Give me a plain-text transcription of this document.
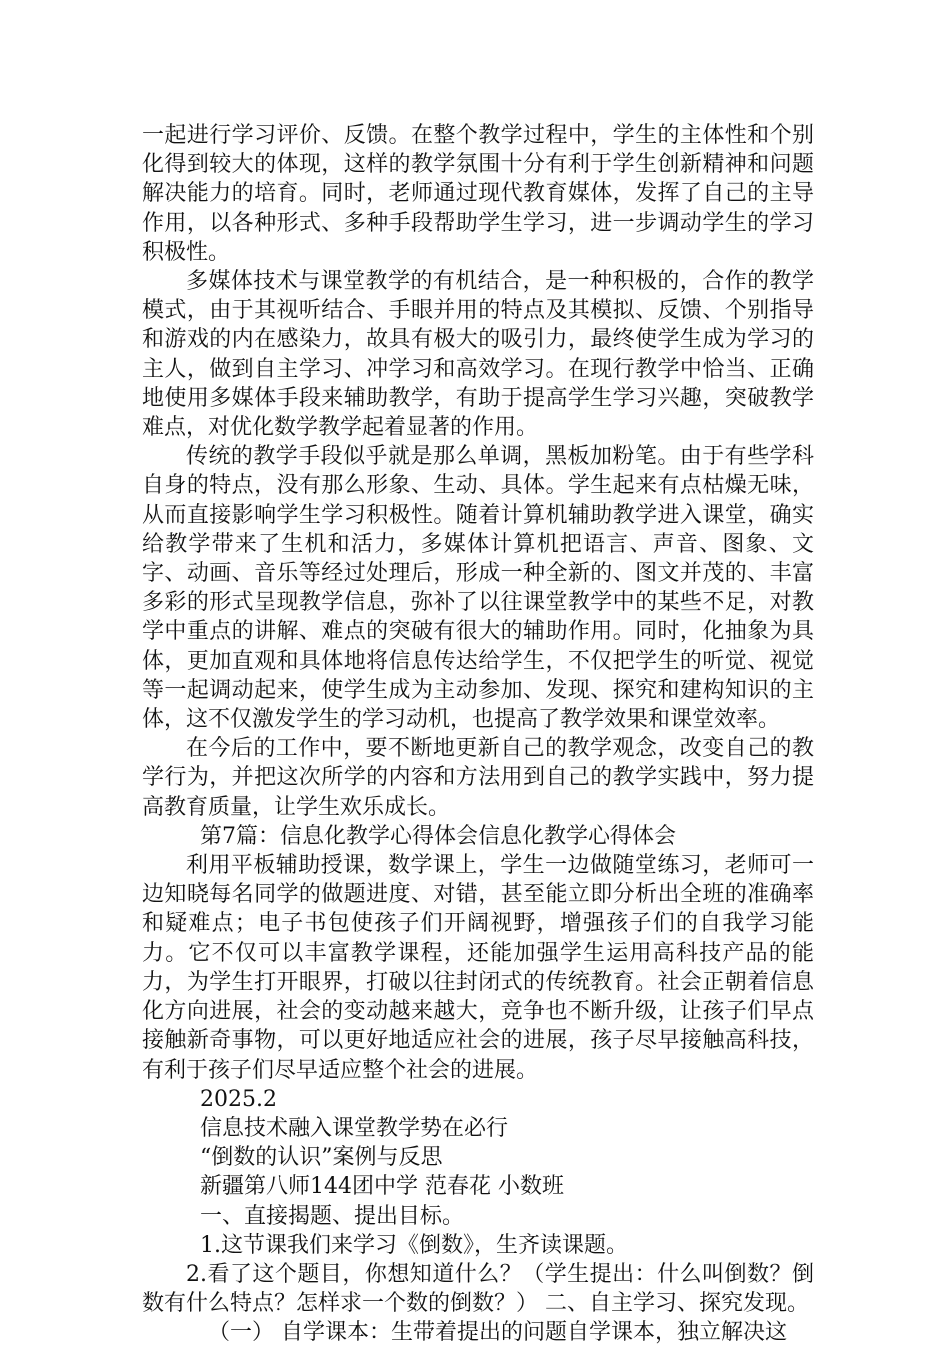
一起进行学习评价、反馈。在整个教学过程中，学生的主体性和个别化得到较大的体现，这样的教学氛围十分有利于学生创新精神和问题解决能力的培育。同时，老师通过现代教育媒体，发挥了自己的主导作用，以各种形式、多种手段帮助学生学习，进一步调动学生的学习积极性。

多媒体技术与课堂教学的有机结合，是一种积极的，合作的教学模式，由于其视听结合、手眼并用的特点及其模拟、反馈、个别指导和游戏的内在感染力，故具有极大的吸引力，最终使学生成为学习的主人，做到自主学习、冲学习和高效学习。在现行教学中恰当、正确地使用多媒体手段来辅助教学，有助于提高学生学习兴趣，突破教学难点，对优化数学教学起着显著的作用。

传统的教学手段似乎就是那么单调，黑板加粉笔。由于有些学科自身的特点，没有那么形象、生动、具体。学生起来有点枯燥无味，从而直接影响学生学习积极性。随着计算机辅助教学进入课堂，确实给教学带来了生机和活力，多媒体计算机把语言、声音、图象、文字、动画、音乐等经过处理后，形成一种全新的、图文并茂的、丰富多彩的形式呈现教学信息，弥补了以往课堂教学中的某些不足，对教学中重点的讲解、难点的突破有很大的辅助作用。同时，化抽象为具体，更加直观和具体地将信息传达给学生，不仅把学生的听觉、视觉等一起调动起来，使学生成为主动参加、发现、探究和建构知识的主体，这不仅激发学生的学习动机，也提高了教学效果和课堂效率。

在今后的工作中，要不断地更新自己的教学观念，改变自己的教学行为，并把这次所学的内容和方法用到自己的教学实践中，努力提高教育质量，让学生欢乐成长。

第7篇：信息化教学心得体会信息化教学心得体会

利用平板辅助授课，数学课上，学生一边做随堂练习，老师可一边知晓每名同学的做题进度、对错，甚至能立即分析出全班的准确率和疑难点；电子书包使孩子们开阔视野，增强孩子们的自我学习能力。它不仅可以丰富教学课程，还能加强学生运用高科技产品的能力，为学生打开眼界，打破以往封闭式的传统教育。社会正朝着信息化方向进展，社会的变动越来越大，竞争也不断升级，让孩子们早点接触新奇事物，可以更好地适应社会的进展，孩子尽早接触高科技，有利于孩子们尽早适应整个社会的进展。

2025.2

信息技术融入课堂教学势在必行

“倒数的认识”案例与反思

新疆第八师144团中学 范春花 小数班

一、直接揭题、提出目标。

1.这节课我们来学习《倒数》，生齐读课题。

2.看了这个题目，你想知道什么？（学生提出：什么叫倒数？倒数有什么特点？怎样求一个数的倒数？） 二、自主学习、探究发现。

（一） 自学课本：生带着提出的问题自学课本，独立解决这
